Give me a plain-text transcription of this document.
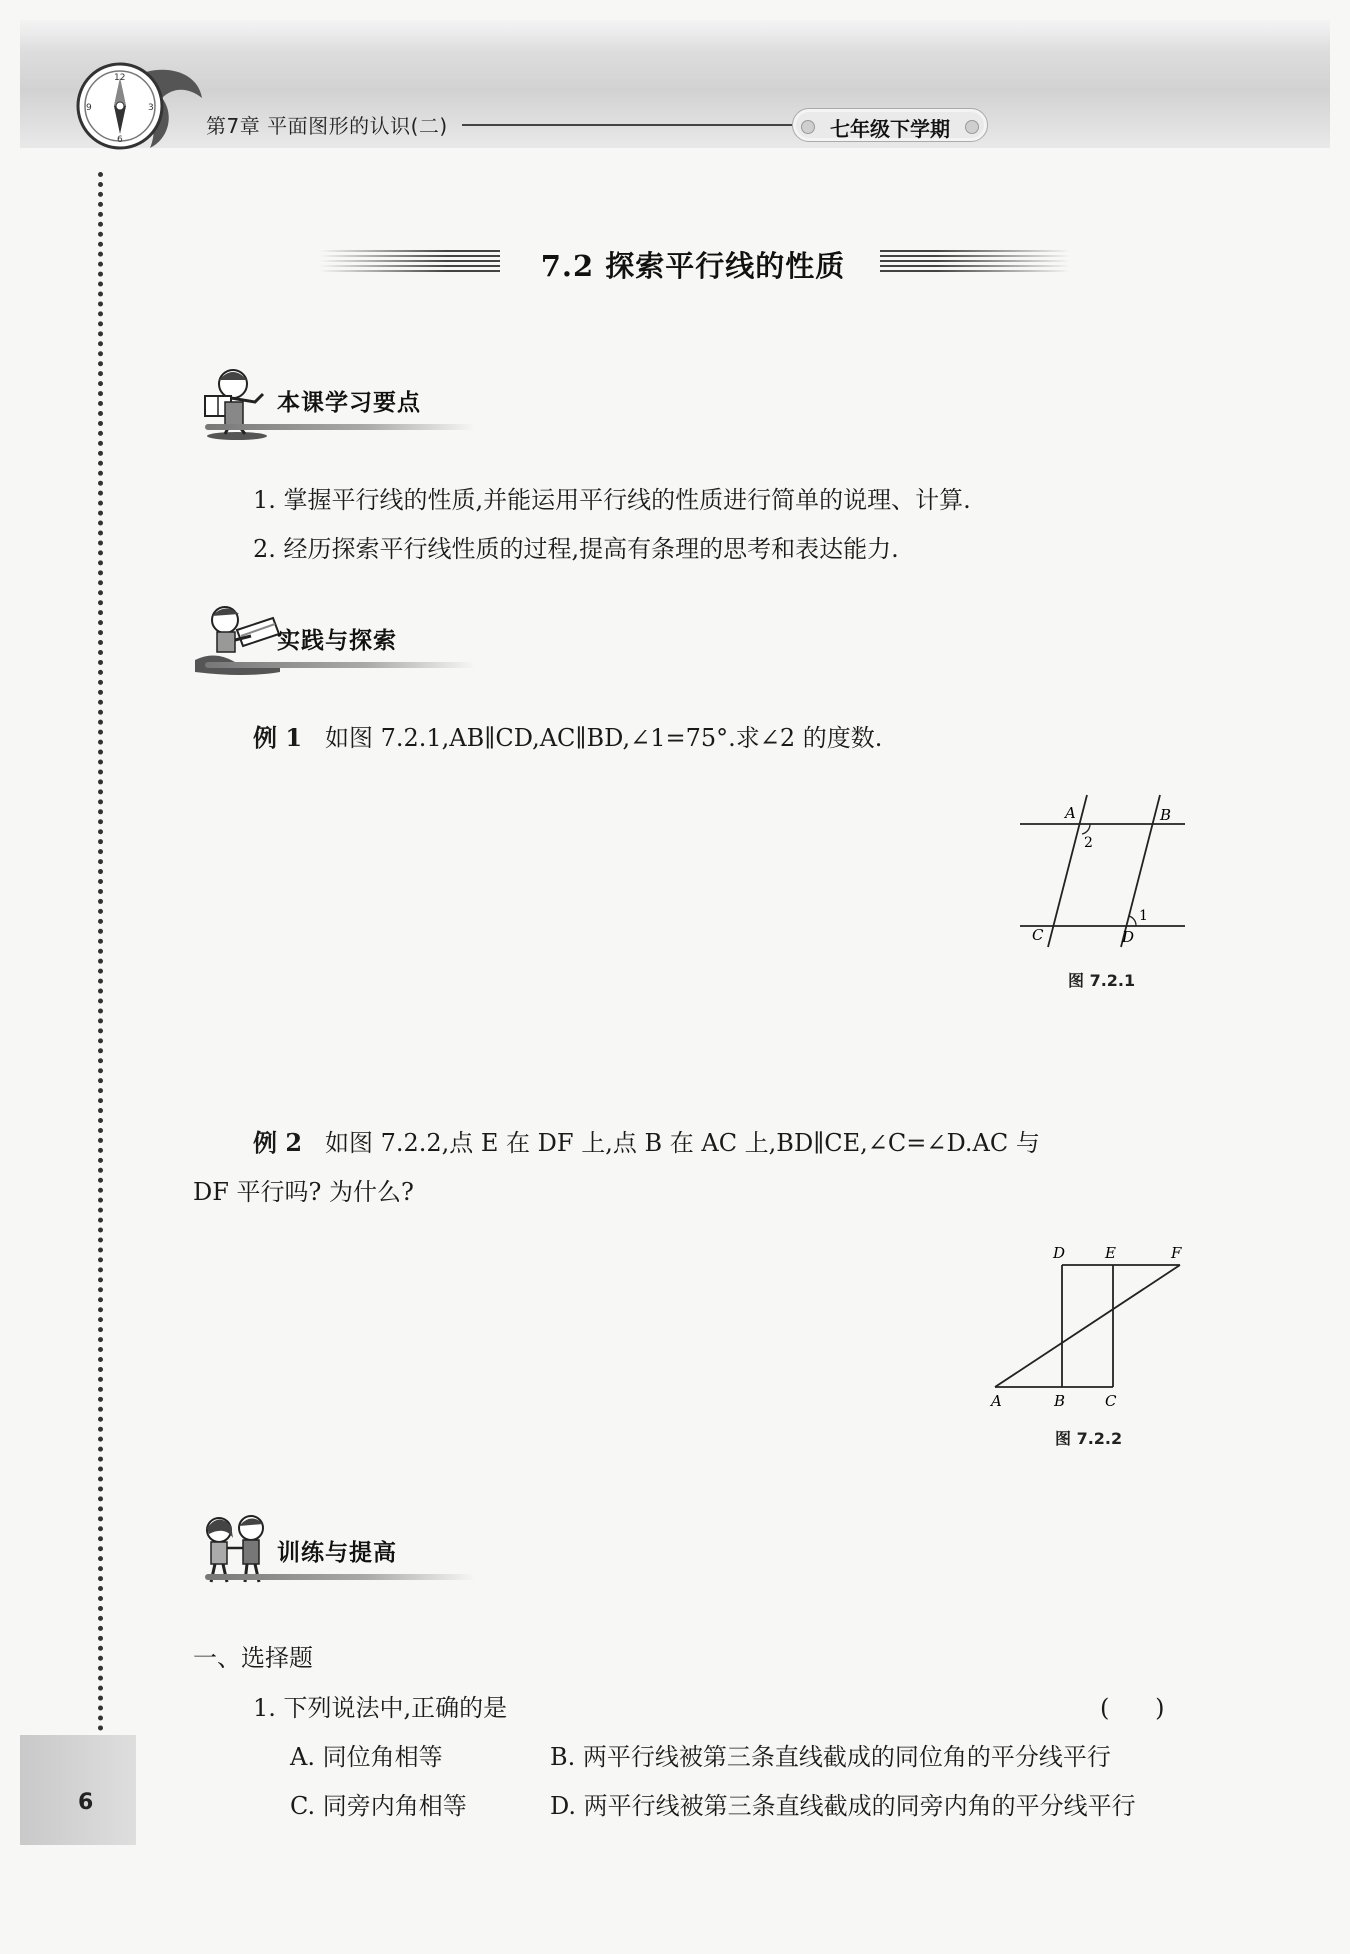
12
3
6
9
第7章 平面图形的认识(二)	七年级下学期
6
7.2 探索平行线的性质
本课学习要点
1. 掌握平行线的性质,并能运用平行线的性质进行简单的说理、计算.
2. 经历探索平行线性质的过程,提高有条理的思考和表达能力.
实践与探索
例 1 如图 7.2.1,AB∥CD,AC∥BD,∠1=75°.求∠2 的度数.
A	B
C	D
2
1
图 7.2.1
例 2 如图 7.2.2,点 E 在 DF 上,点 B 在 AC 上,BD∥CE,∠C=∠D.AC 与
DF 平行吗? 为什么?
D	E	F
A	B	C
图 7.2.2
训练与提高
一、选择题
1. 下列说法中,正确的是	(      )
A. 同位角相等	B. 两平行线被第三条直线截成的同位角的平分线平行
C. 同旁内角相等	D. 两平行线被第三条直线截成的同旁内角的平分线平行
